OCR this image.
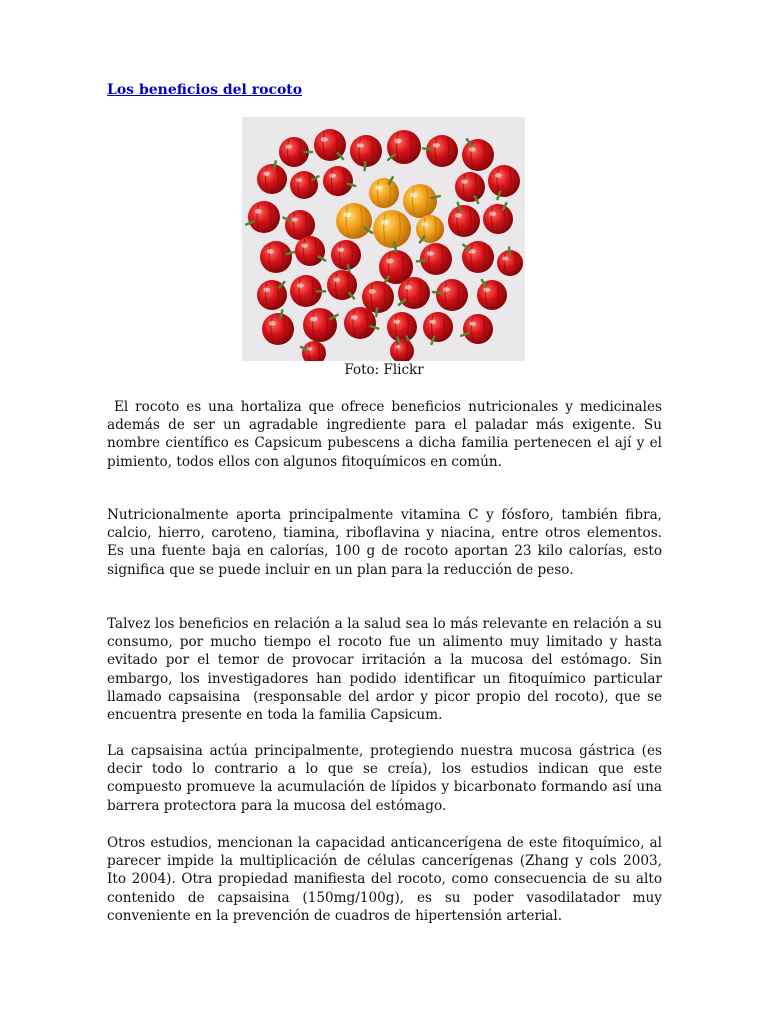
Los beneficios del rocoto
Foto: Flickr

El rocoto es una hortaliza que ofrece beneficios nutricionales y medicinales además de ser un agradable ingrediente para el paladar más exigente. Su nombre científico es Capsicum pubescens a dicha familia pertenecen el ají y el pimiento, todos ellos con algunos fitoquímicos en común.

Nutricionalmente aporta principalmente vitamina C y fósforo, también fibra, calcio, hierro, caroteno, tiamina, riboflavina y niacina, entre otros elementos. Es una fuente baja en calorías, 100 g de rocoto aportan 23 kilo calorías, esto significa que se puede incluir en un plan para la reducción de peso.

Talvez los beneficios en relación a la salud sea lo más relevante en relación a su consumo, por mucho tiempo el rocoto fue un alimento muy limitado y hasta evitado por el temor de provocar irritación a la mucosa del estómago. Sin embargo, los investigadores han podido identificar un fitoquímico particular llamado capsaisina  (responsable del ardor y picor propio del rocoto), que se encuentra presente en toda la familia Capsicum.

La capsaisina actúa principalmente, protegiendo nuestra mucosa gástrica (es decir todo lo contrario a lo que se creía), los estudios indican que este compuesto promueve la acumulación de lípidos y bicarbonato formando así una barrera protectora para la mucosa del estómago.

Otros estudios, mencionan la capacidad anticancerígena de este fitoquímico, al parecer impide la multiplicación de células cancerígenas (Zhang y cols 2003, Ito 2004). Otra propiedad manifiesta del rocoto, como consecuencia de su alto contenido de capsaisina (150mg/100g), es su poder vasodilatador muy conveniente en la prevención de cuadros de hipertensión arterial.
